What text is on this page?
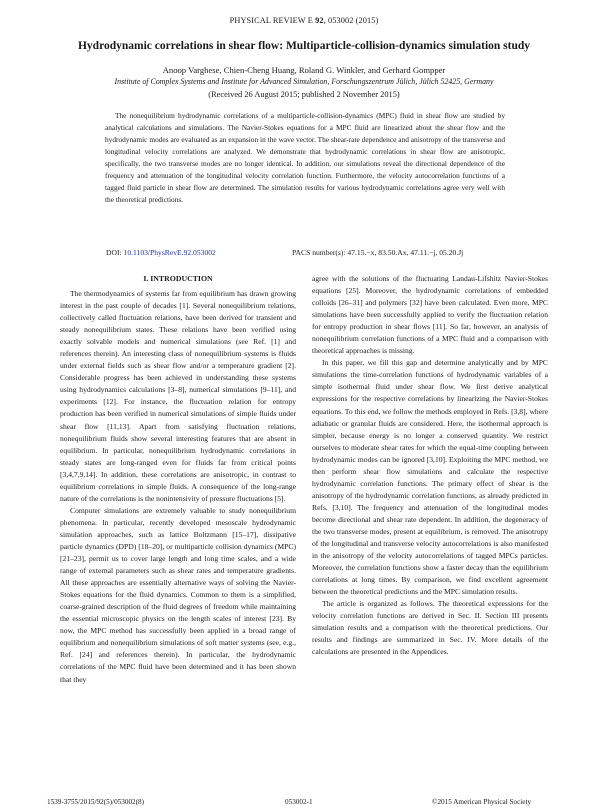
PHYSICAL REVIEW E 92, 053002 (2015)
Hydrodynamic correlations in shear flow: Multiparticle-collision-dynamics simulation study
Anoop Varghese, Chien-Cheng Huang, Roland G. Winkler, and Gerhard Gompper
Institute of Complex Systems and Institute for Advanced Simulation, Forschungszentrum Jülich, Jülich 52425, Germany
(Received 26 August 2015; published 2 November 2015)
The nonequilibrium hydrodynamic correlations of a multiparticle-collision-dynamics (MPC) fluid in shear flow are studied by analytical calculations and simulations. The Navier-Stokes equations for a MPC fluid are linearized about the shear flow and the hydrodynamic modes are evaluated as an expansion in the wave vector. The shear-rate dependence and anisotropy of the transverse and longitudinal velocity correlations are analyzed. We demonstrate that hydrodynamic correlations in shear flow are anisotropic, specifically, the two transverse modes are no longer identical. In addition, our simulations reveal the directional dependence of the frequency and attenuation of the longitudinal velocity correlation function. Furthermore, the velocity autocorrelation functions of a tagged fluid particle in shear flow are determined. The simulation results for various hydrodynamic correlations agree very well with the theoretical predictions.
DOI: 10.1103/PhysRevE.92.053002	PACS number(s): 47.15.−x, 83.50.Ax, 47.11.−j, 05.20.Jj
I. INTRODUCTION

The thermodynamics of systems far from equilibrium has drawn growing interest in the past couple of decades [1]. Several nonequilibrium relations, collectively called fluctuation relations, have been derived for transient and steady nonequilibrium states. These relations have been verified using exactly solvable models and numerical simulations (see Ref. [1] and references therein). An interesting class of nonequilibrium systems is fluids under external fields such as shear flow and/or a temperature gradient [2]. Considerable progress has been achieved in understanding these systems using hydrodynamics calculations [3–8], numerical simulations [9–11], and experiments [12]. For instance, the fluctuation relation for entropy production has been verified in numerical simulations of simple fluids under shear flow [11,13]. Apart from satisfying fluctuation relations, nonequilibrium fluids show several interesting features that are absent in equilibrium. In particular, nonequilibrium hydrodynamic correlations in steady states are long-ranged even for fluids far from critical points [3,4,7,9,14]. In addition, these correlations are anisotropic, in contrast to equilibrium correlations in simple fluids. A consequence of the long-range nature of the correlations is the nonintensivity of pressure fluctuations [5].

Computer simulations are extremely valuable to study nonequilibrium phenomena. In particular, recently developed mesoscale hydrodynamic simulation approaches, such as lattice Boltzmann [15–17], dissipative particle dynamics (DPD) [18–20], or multiparticle collision dynamics (MPC) [21–23], permit us to cover large length and long time scales, and a wide range of external parameters such as shear rates and temperature gradients. All these approaches are essentially alternative ways of solving the Navier-Stokes equations for the fluid dynamics. Common to them is a simplified, coarse-grained description of the fluid degrees of freedom while maintaining the essential microscopic physics on the length scales of interest [23]. By now, the MPC method has successfully been applied in a broad range of equilibrium and nonequilibrium simulations of soft matter systems (see, e.g., Ref. [24] and references therein). In particular, the hydrodynamic correlations of the MPC fluid have been determined and it has been shown that they

agree with the solutions of the fluctuating Landau-Lifshitz Navier-Stokes equations [25]. Moreover, the hydrodynamic correlations of embedded colloids [26–31] and polymers [32] have been calculated. Even more, MPC simulations have been successfully applied to verify the fluctuation relation for entropy production in shear flows [11]. So far, however, an analysis of nonequilibrium correlation functions of a MPC fluid and a comparison with theoretical approaches is missing.

In this paper, we fill this gap and determine analytically and by MPC simulations the time-correlation functions of hydrodynamic variables of a simple isothermal fluid under shear flow. We first derive analytical expressions for the respective correlations by linearizing the Navier-Stokes equations. To this end, we follow the methods employed in Refs. [3,8], where adiabatic or granular fluids are considered. Here, the isothermal approach is simpler, because energy is no longer a conserved quantity. We restrict ourselves to moderate shear rates for which the equal-time coupling between hydrodynamic modes can be ignored [3,10]. Exploiting the MPC method, we then perform shear flow simulations and calculate the respective hydrodynamic correlation functions. The primary effect of shear is the anisotropy of the hydrodynamic correlation functions, as already predicted in Refs. [3,10]. The frequency and attenuation of the longitudinal modes become directional and shear rate dependent. In addition, the degeneracy of the two transverse modes, present at equilibrium, is removed. The anisotropy of the longitudinal and transverse velocity autocorrelations is also manifested in the anisotropy of the velocity autocorrelations of tagged MPCs particles. Moreover, the correlation functions show a faster decay than the equilibrium correlations at long times. By comparison, we find excellent agreement between the theoretical predictions and the MPC simulation results.

The article is organized as follows. The theoretical expressions for the velocity correlation functions are derived in Sec. II. Section III presents simulation results and a comparison with the theoretical predictions. Our results and findings are summarized in Sec. IV. More details of the calculations are presented in the Appendices.

1539-3755/2015/92(5)/053002(8)	053002-1	©2015 American Physical Society
